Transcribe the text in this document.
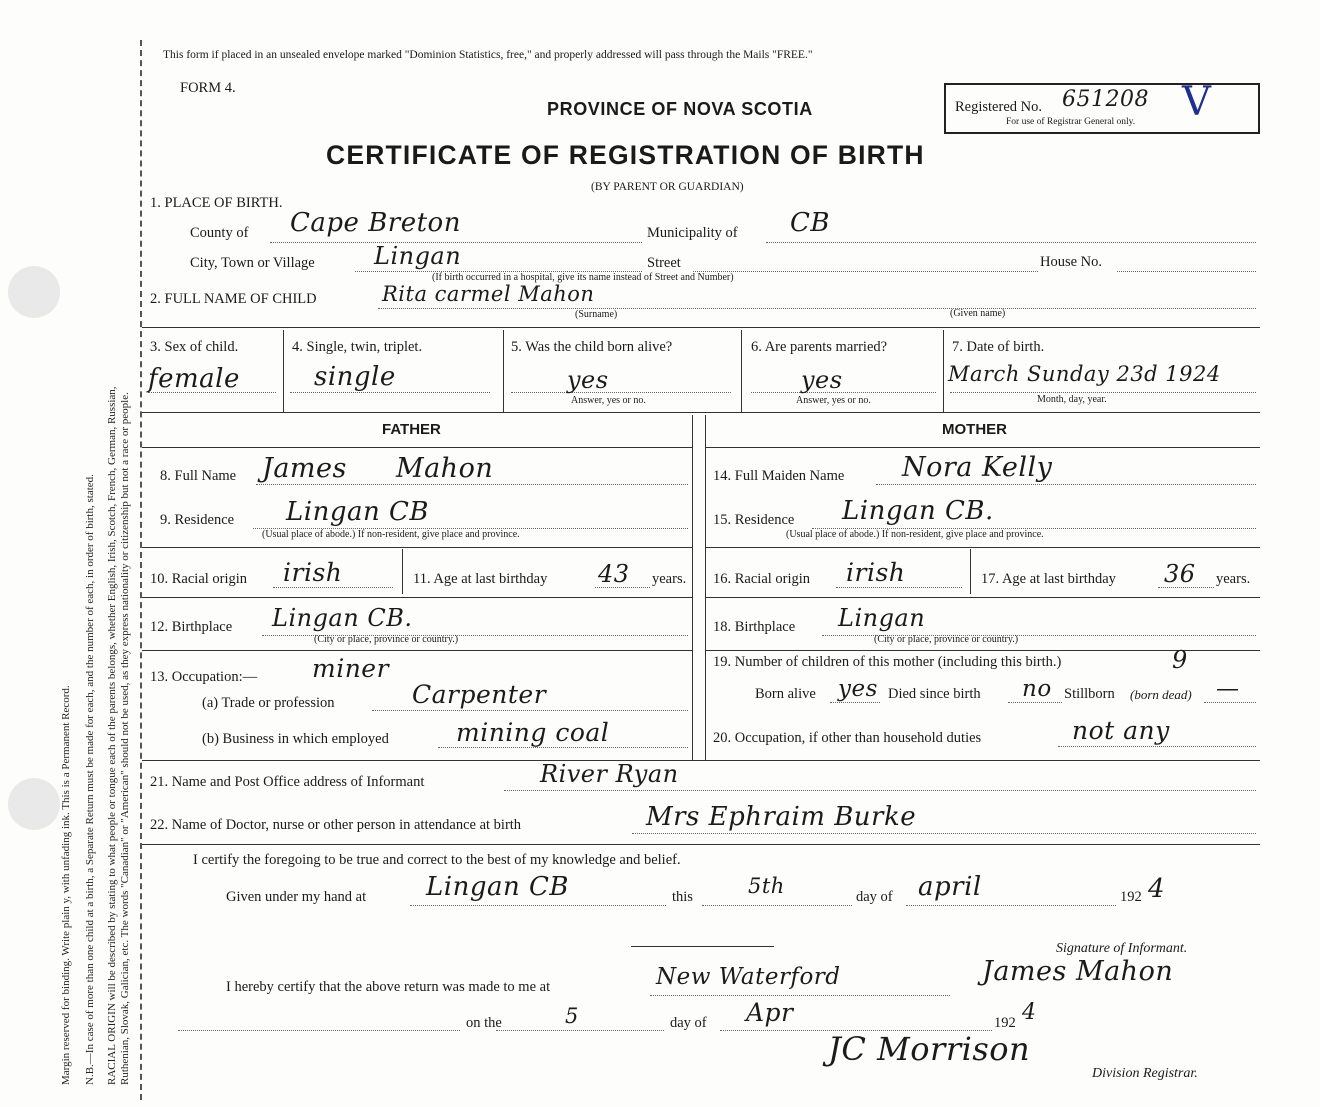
Margin reserved for binding. Write plain y, with unfading ink. This is a Permanent Record. N.B.—In case of more than one child at a birth, a Separate Return must be made for each, and the number of each, in order of birth, stated. RACIAL ORIGIN will be described by stating to what people or tongue each of the parents belongs, whether English, Irish, Scotch, French, German, Russian, Ruthenian, Slovak, Galician, etc. The words "Canadian" or "American" should not be used, as they express nationality or citizenship but not a race or people.
This form if placed in an unsealed envelope marked "Dominion Statistics, free," and properly addressed will pass through the Mails "FREE."
FORM 4.
PROVINCE OF NOVA SCOTIA	Registered No. 651208
For use of Registrar General only. V
CERTIFICATE OF REGISTRATION OF BIRTH
(BY PARENT OR GUARDIAN)
1. PLACE OF BIRTH.
County of Cape Breton	Municipality of CB
City, Town or Village Lingan	Street	House No.
(If birth occurred in a hospital, give its name instead of Street and Number)
2. FULL NAME OF CHILD	Rita carmel Mahon
(Surname)	(Given name)
3. Sex of child.
female
4. Single, twin, triplet.
single
5. Was the child born alive?
yes
Answer, yes or no.
6. Are parents married?
yes
Answer, yes or no.
7. Date of birth.
March Sunday 23d 1924
Month, day, year.
FATHER	MOTHER
8. Full Name James Mahon
9. Residence Lingan CB
(Usual place of abode.) If non-resident, give place and province.
10. Racial origin irish	11. Age at last birthday 43 years.
12. Birthplace Lingan CB.
(City or place, province or country.)
13. Occupation:— miner
(a) Trade or profession	Carpenter
(b) Business in which employed	mining coal
14. Full Maiden Name Nora Kelly
15. Residence Lingan CB.
(Usual place of abode.) If non-resident, give place and province.
16. Racial origin irish	17. Age at last birthday 36 years.
18. Birthplace Lingan
(City or place, province or country.)
19. Number of children of this mother (including this birth.)	9
Born alive yes Died since birth no Stillborn (born dead) —
20. Occupation, if other than household duties	not any
21. Name and Post Office address of Informant	River Ryan
22. Name of Doctor, nurse or other person in attendance at birth	Mrs Ephraim Burke
I certify the foregoing to be true and correct to the best of my knowledge and belief.
Given under my hand at Lingan CB	this	5th	day of april	192 4
Signature of Informant.
I hereby certify that the above return was made to me at	New Waterford	James Mahon
on the	5	day of Apr	192 4
JC Morrison
Division Registrar.
